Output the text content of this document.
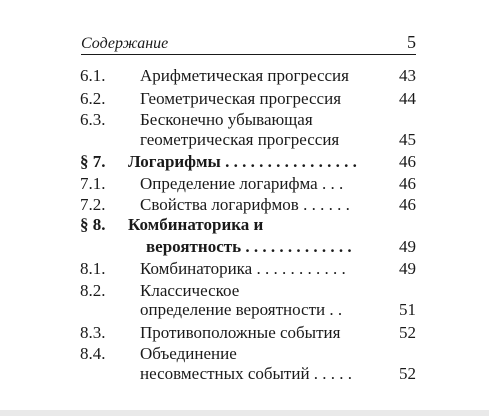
Содержание	5
6.1. Арифметическая прогрессия	43
6.2. Геометрическая прогрессия	44
6.3. Бесконечно убывающая
геометрическая прогрессия	45
§ 7. Логарифмы . . . . . . . . . . . . . . . .	46
7.1. Определение логарифма . . .	46
7.2. Свойства логарифмов . . . . . .	46
§ 8. Комбинаторика и
вероятность . . . . . . . . . . . . .	49
8.1. Комбинаторика . . . . . . . . . . .	49
8.2. Классическое
определение вероятности . .	51
8.3. Противоположные события	52
8.4. Объединение
несовместных событий . . . . .	52
